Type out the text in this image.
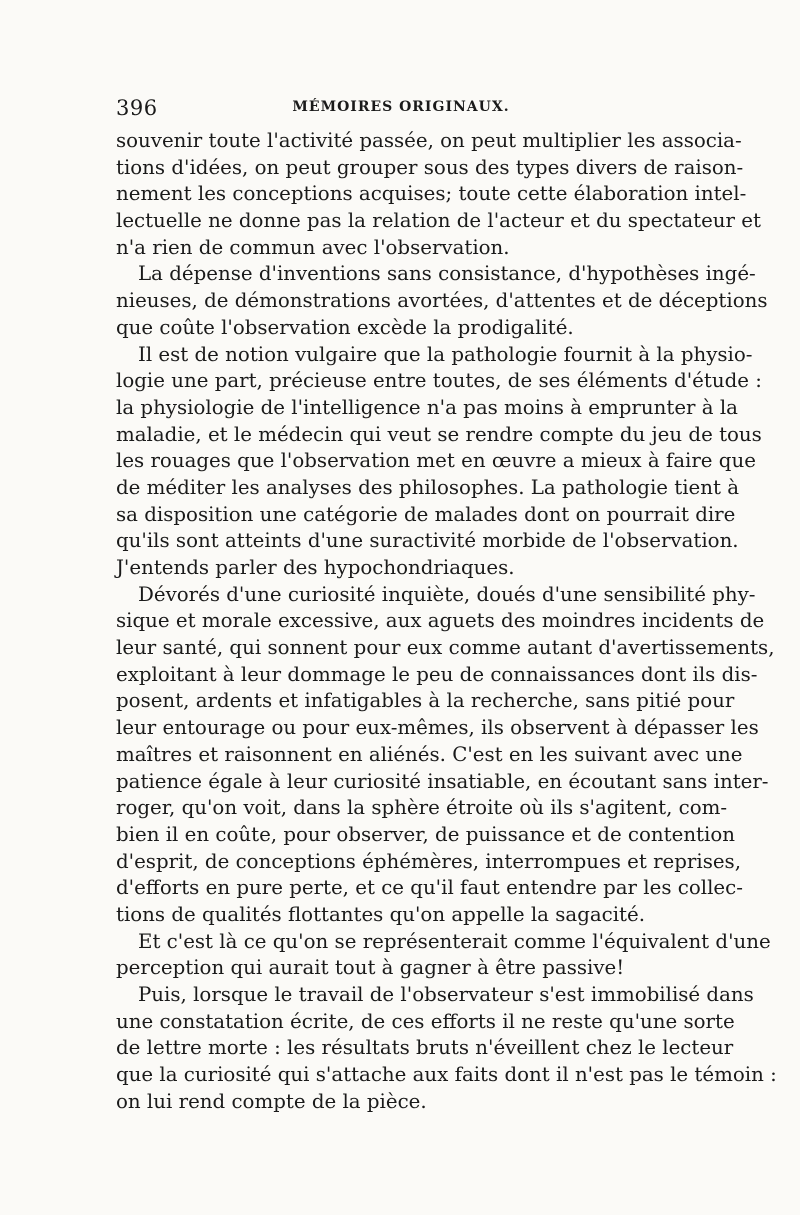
396	MÉMOIRES ORIGINAUX.
souvenir toute l'activité passée, on peut multiplier les associa-
tions d'idées, on peut grouper sous des types divers de raison-
nement les conceptions acquises; toute cette élaboration intel-
lectuelle ne donne pas la relation de l'acteur et du spectateur et
n'a rien de commun avec l'observation.
La dépense d'inventions sans consistance, d'hypothèses ingé-
nieuses, de démonstrations avortées, d'attentes et de déceptions
que coûte l'observation excède la prodigalité.
Il est de notion vulgaire que la pathologie fournit à la physio-
logie une part, précieuse entre toutes, de ses éléments d'étude :
la physiologie de l'intelligence n'a pas moins à emprunter à la
maladie, et le médecin qui veut se rendre compte du jeu de tous
les rouages que l'observation met en œuvre a mieux à faire que
de méditer les analyses des philosophes. La pathologie tient à
sa disposition une catégorie de malades dont on pourrait dire
qu'ils sont atteints d'une suractivité morbide de l'observation.
J'entends parler des hypochondriaques.
Dévorés d'une curiosité inquiète, doués d'une sensibilité phy-
sique et morale excessive, aux aguets des moindres incidents de
leur santé, qui sonnent pour eux comme autant d'avertissements,
exploitant à leur dommage le peu de connaissances dont ils dis-
posent, ardents et infatigables à la recherche, sans pitié pour
leur entourage ou pour eux-mêmes, ils observent à dépasser les
maîtres et raisonnent en aliénés. C'est en les suivant avec une
patience égale à leur curiosité insatiable, en écoutant sans inter-
roger, qu'on voit, dans la sphère étroite où ils s'agitent, com-
bien il en coûte, pour observer, de puissance et de contention
d'esprit, de conceptions éphémères, interrompues et reprises,
d'efforts en pure perte, et ce qu'il faut entendre par les collec-
tions de qualités flottantes qu'on appelle la sagacité.
Et c'est là ce qu'on se représenterait comme l'équivalent d'une
perception qui aurait tout à gagner à être passive!
Puis, lorsque le travail de l'observateur s'est immobilisé dans
une constatation écrite, de ces efforts il ne reste qu'une sorte
de lettre morte : les résultats bruts n'éveillent chez le lecteur
que la curiosité qui s'attache aux faits dont il n'est pas le témoin :
on lui rend compte de la pièce.
